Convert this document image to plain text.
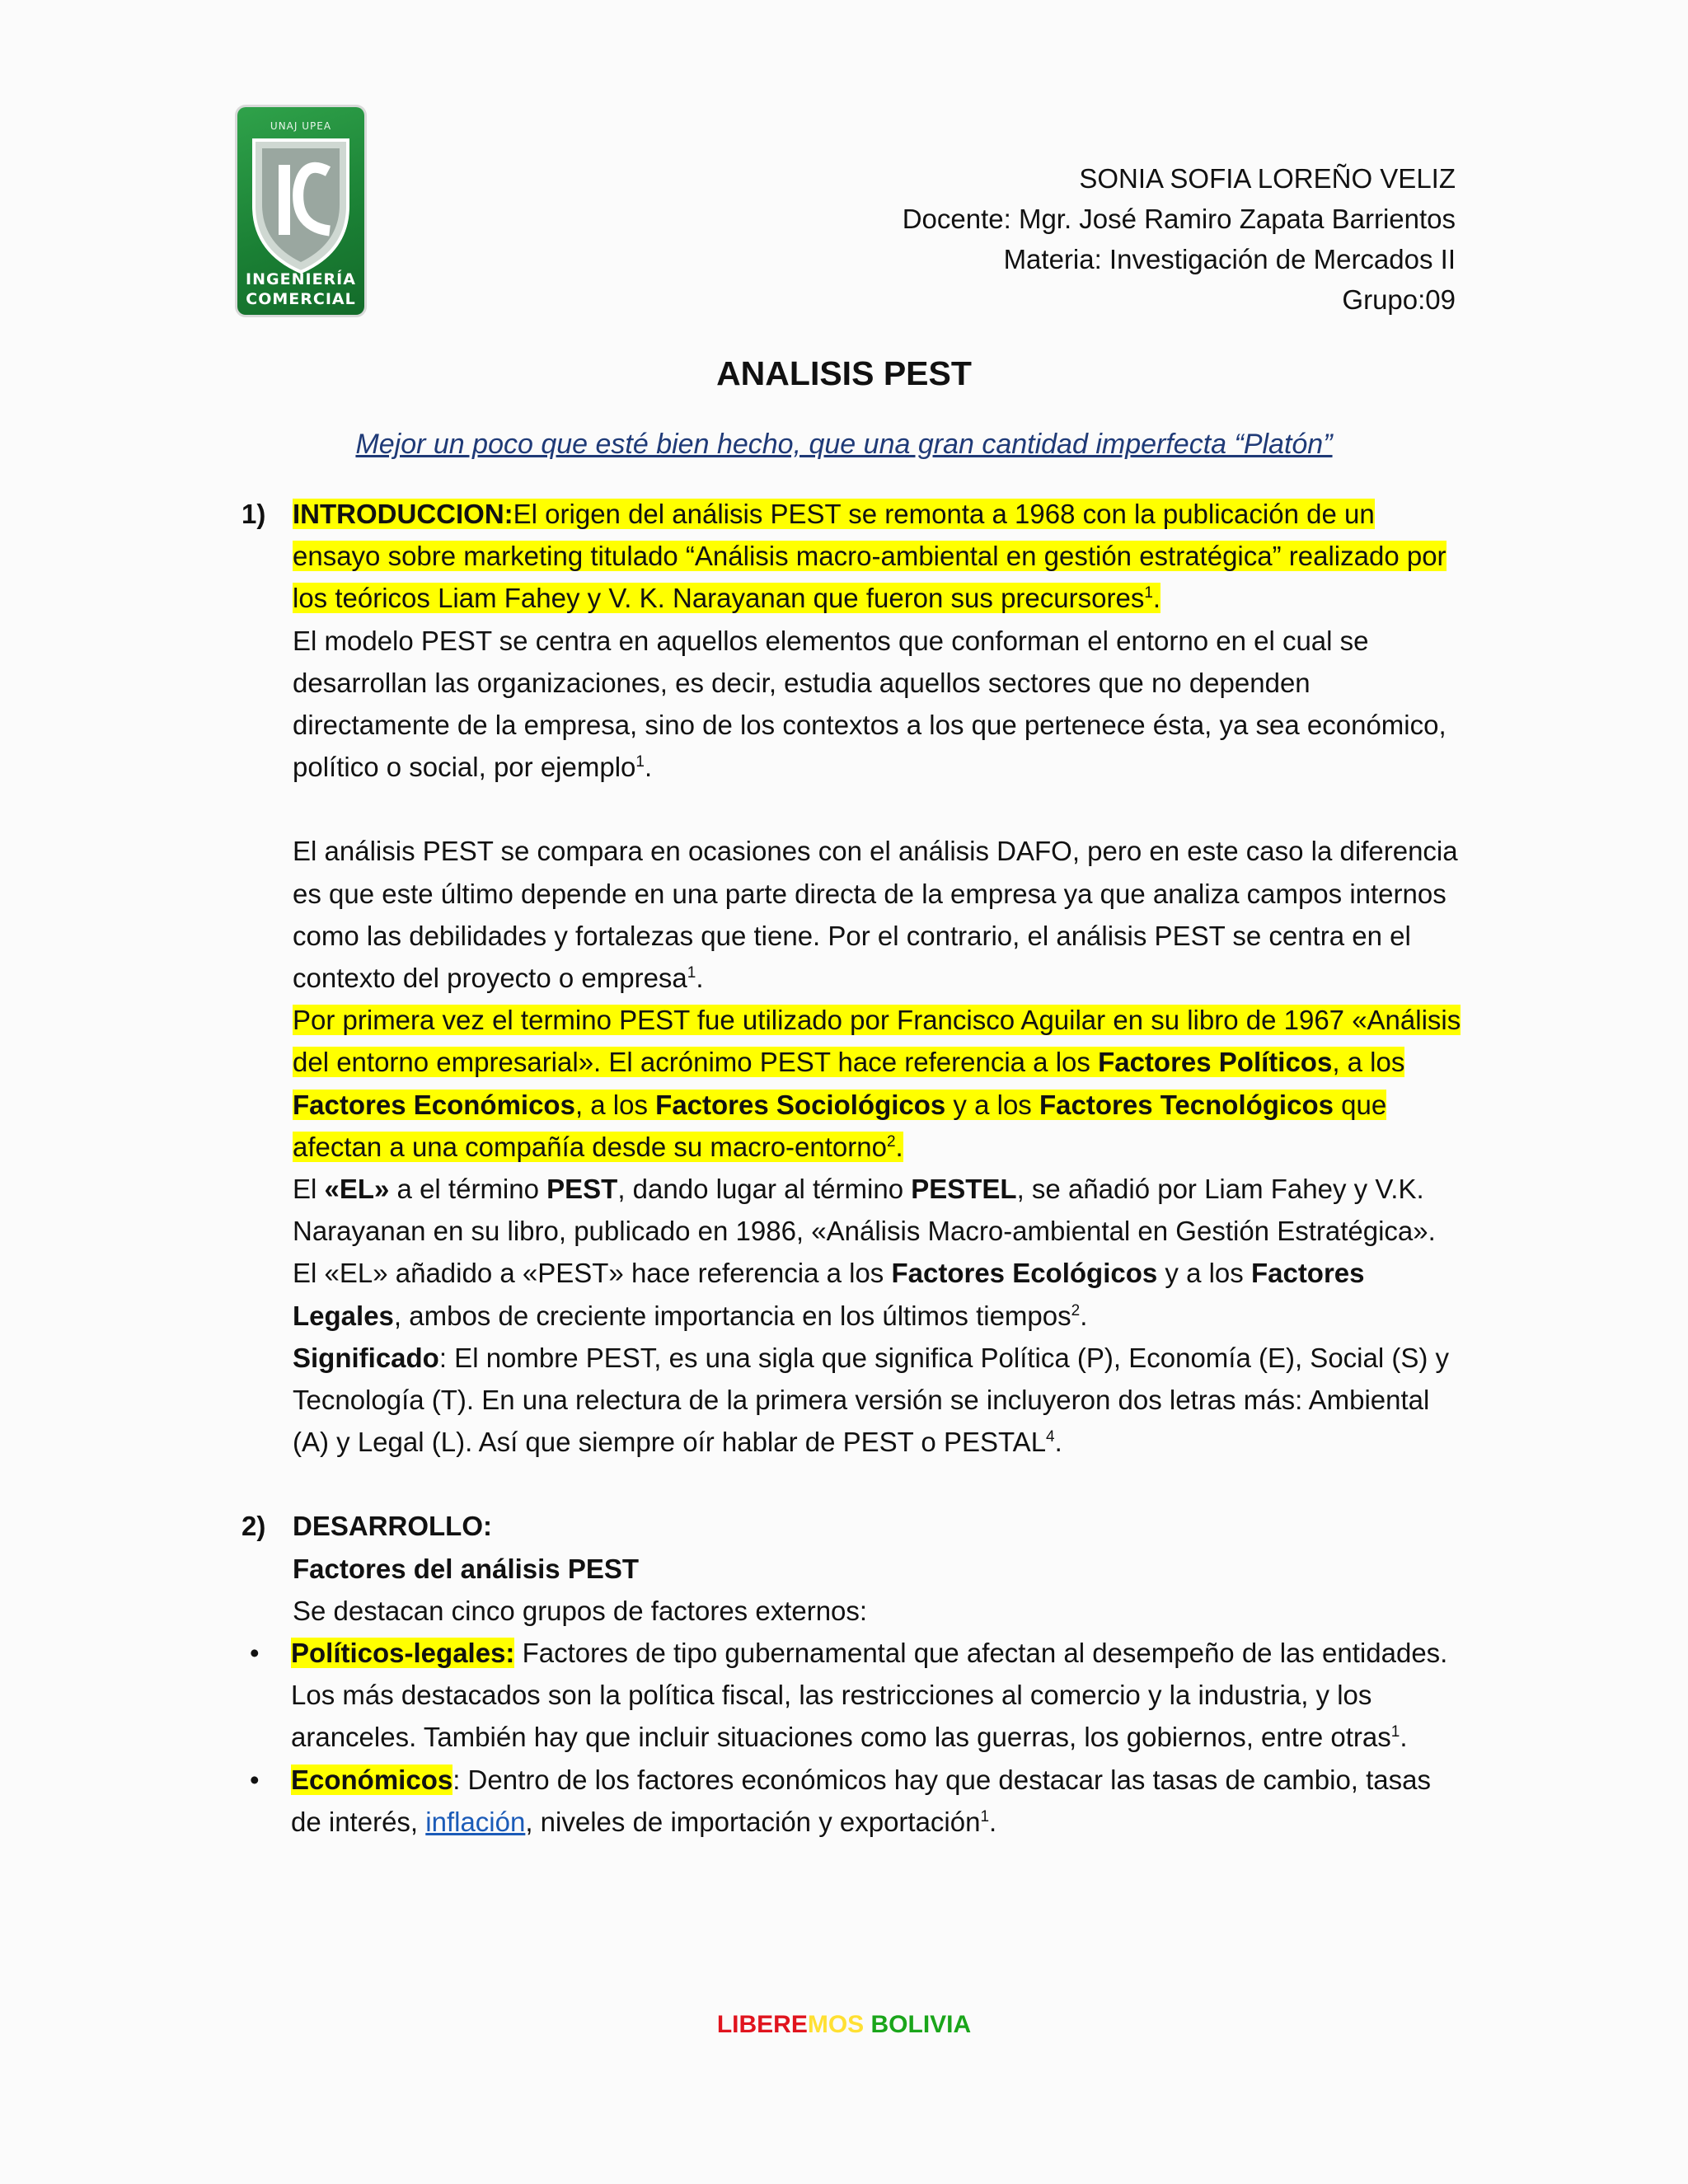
UNAJ UPEA
INGENIERÍA
COMERCIAL
SONIA SOFIA LOREÑO VELIZ
Docente: Mgr. José Ramiro Zapata Barrientos
Materia: Investigación de Mercados II
Grupo:09
ANALISIS PEST
Mejor un poco que esté bien hecho, que una gran cantidad imperfecta “Platón”
1) INTRODUCCION:El origen del análisis PEST se remonta a 1968 con la publicación de un ensayo sobre marketing titulado “Análisis macro-ambiental en gestión estratégica” realizado por los teóricos Liam Fahey y V. K. Narayanan que fueron sus precursores$^1$.

El modelo PEST se centra en aquellos elementos que conforman el entorno en el cual se desarrollan las organizaciones, es decir, estudia aquellos sectores que no dependen directamente de la empresa, sino de los contextos a los que pertenece ésta, ya sea económico, político o social, por ejemplo$^1$.

El análisis PEST se compara en ocasiones con el análisis DAFO, pero en este caso la diferencia es que este último depende en una parte directa de la empresa ya que analiza campos internos como las debilidades y fortalezas que tiene. Por el contrario, el análisis PEST se centra en el contexto del proyecto o empresa$^1$.

Por primera vez el termino PEST fue utilizado por Francisco Aguilar en su libro de 1967 «Análisis del entorno empresarial». El acrónimo PEST hace referencia a los Factores Políticos, a los Factores Económicos, a los Factores Sociológicos y a los Factores Tecnológicos que afectan a una compañía desde su macro-entorno$^2$.

El «EL» a el término PEST, dando lugar al término PESTEL, se añadió por Liam Fahey y V.K. Narayanan en su libro, publicado en 1986, «Análisis Macro-ambiental en Gestión Estratégica». El «EL» añadido a «PEST» hace referencia a los Factores Ecológicos y a los Factores Legales, ambos de creciente importancia en los últimos tiempos$^2$.

Significado: El nombre PEST, es una sigla que significa Política (P), Economía (E), Social (S) y Tecnología (T). En una relectura de la primera versión se incluyeron dos letras más: Ambiental (A) y Legal (L). Así que siempre oír hablar de PEST o PESTAL$^4$.

2) DESARROLLO:

Factores del análisis PEST

Se destacan cinco grupos de factores externos:

•	Políticos-legales: Factores de tipo gubernamental que afectan al desempeño de las entidades. Los más destacados son la política fiscal, las restricciones al comercio y la industria, y los aranceles. También hay que incluir situaciones como las guerras, los gobiernos, entre otras$^1$.
•	Económicos: Dentro de los factores económicos hay que destacar las tasas de cambio, tasas de interés, inflación, niveles de importación y exportación$^1$.
LIBEREMOS BOLIVIA
